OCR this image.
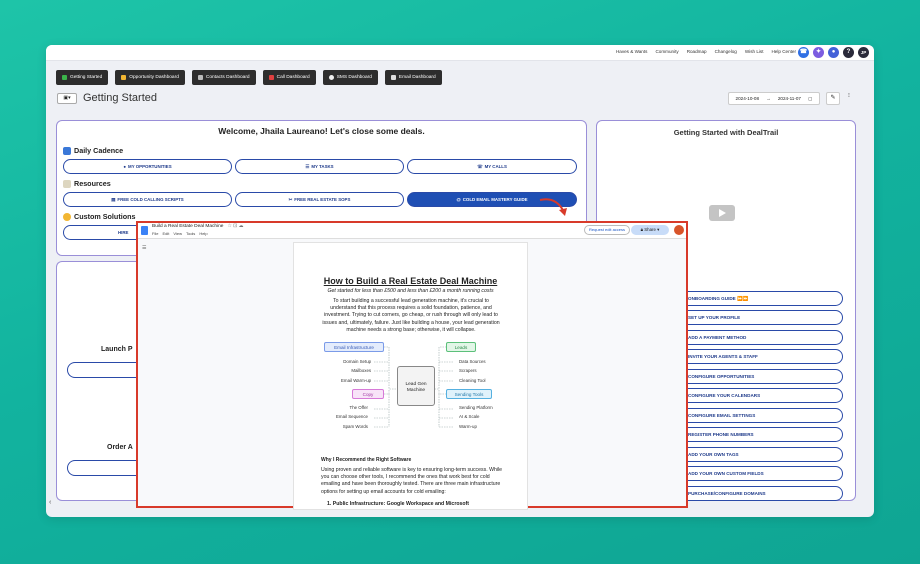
Haves & Wants Community Roadmap Changelog Wish List Help Center ☎	✦	●	?	JP
Getting Started	Opportunity Dashboard	Contacts Dashboard	Call Dashboard	SMS Dashboard	Email Dashboard
▣▾	Getting Started	2024-10-08 → 2024-11-07 ▢	✎	⁝
Welcome, Jhaila Laureano! Let's close some deals.
Daily Cadence
● MY OPPORTUNITIES	☰ MY TASKS	☏ MY CALLS
Resources
▤ FREE COLD CALLING SCRIPTS	✂ FREE REAL ESTATE SOPS	@ COLD EMAIL MASTERY GUIDE
Custom Solutions
HIRE
Launch P
Order A
Getting Started with DealTrail
ONBOARDING GUIDE ⏩⏩
SET UP YOUR PROFILE
ADD A PAYMENT METHOD
INVITE YOUR AGENTS & STAFF
CONFIGURE OPPORTUNITIES
CONFIGURE YOUR CALENDARS
CONFIGURE EMAIL SETTINGS
REGISTER PHONE NUMBERS
ADD YOUR OWN TAGS
ADD YOUR OWN CUSTOM FIELDS
PURCHASE/CONFIGURE DOMAINS
‹
Build a Real Estate Deal Machine ☆ ⊡ ☁
File Edit View Tools Help
Request edit access	🔒︎ Share ▾
☰
How to Build a Real Estate Deal Machine
Get started for less than £500 and less than £200 a month running costs
To start building a successful lead generation machine, it's crucial to understand that this process requires a solid foundation, patience, and investment. Trying to cut corners, go cheap, or rush through will only lead to issues and, ultimately, failure. Just like building a house, your lead generation machine needs a strong base; otherwise, it will collapse.
Email Infrastructure
Domain Setup
Mailboxes
Email Warm-up
Leads
Data Sources
Scrapers
Cleaning Tool
Lead Gen Machine
Copy
The Offer
Email Sequence
Spam Words
Sending Tools
Sending Platform
AI & Scale
Warm-up
Why I Recommend the Right Software
Using proven and reliable software is key to ensuring long-term success. While you can choose other tools, I recommend the ones that work best for cold emailing and have been thoroughly tested. There are three main infrastructure options for setting up email accounts for cold emailing:
1. Public Infrastructure: Google Workspace and Microsoft
